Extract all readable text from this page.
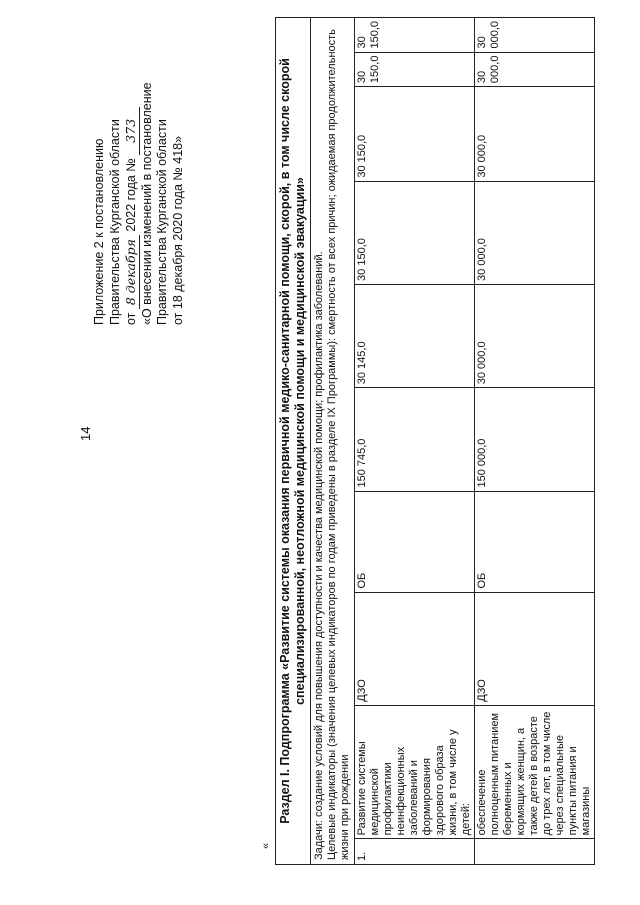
14
Приложение 2 к постановлению Правительства Курганской области от 8 декабря 2022 года № 373 «О внесении изменений в постановление Правительства Курганской области от 18 декабря 2020 года № 418»
«
Раздел I. Подпрограмма «Развитие системы оказания первичной медико-санитарной помощи, скорой, в том числе скорой специализированной, неотложной медицинской помощи и медицинской эвакуации»									

Задачи: создание условий для повышения доступности и качества медицинской помощи; профилактика заболеваний. Целевые индикаторы (значения целевых индикаторов по годам приведены в разделе IX Программы): смертность от всех причин; ожидаемая продолжительность жизни при рождении									

1.	Развитие системы медицинской профилактики неинфекционных заболеваний и формирования здорового образа жизни, в том числе у детей:	ДЗО	ОБ	150 745,0	30 145,0	30 150,0	30 150,0	30 150,0	30 150,0
	обеспечение полноценным питанием беременных и кормящих женщин, а также детей в возрасте до трех лет, в том числе через специальные пункты питания и магазины	ДЗО	ОБ	150 000,0	30 000,0	30 000,0	30 000,0	30 000,0	30 000,0
